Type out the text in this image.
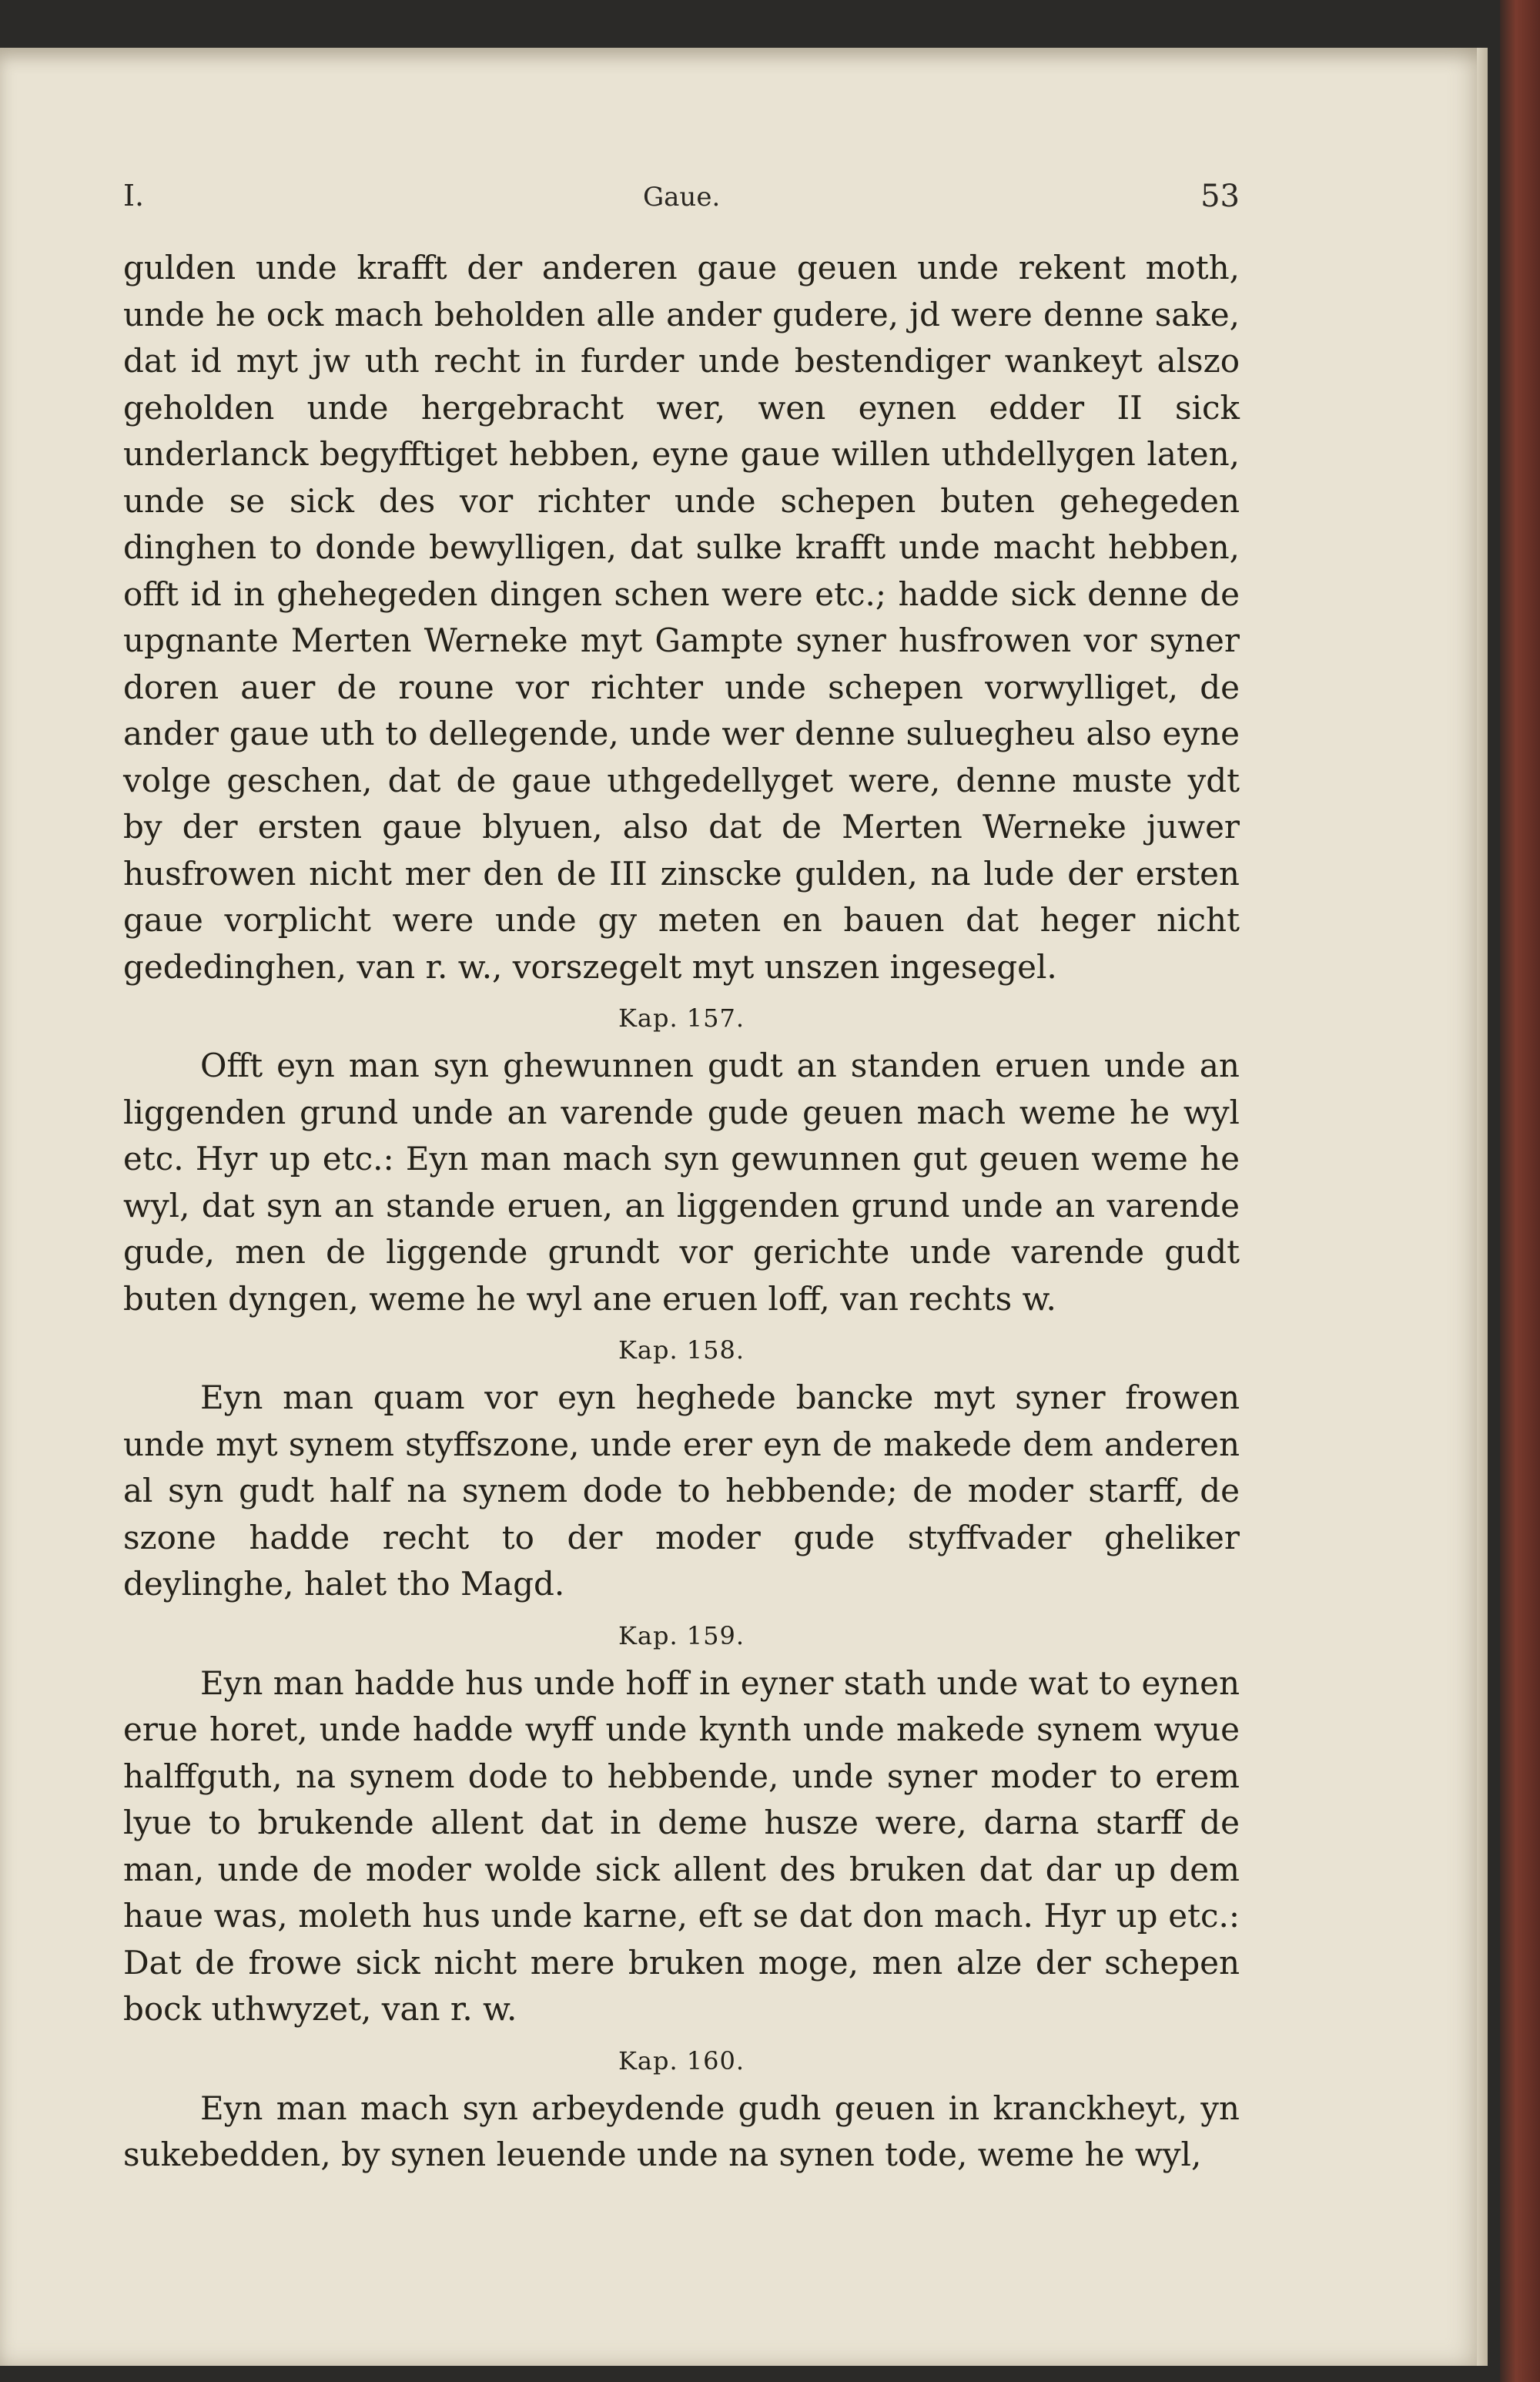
I.	Gaue.	53

gulden unde krafft der anderen gaue geuen unde rekent moth, unde he ock mach beholden alle ander gudere, jd were denne sake, dat id myt jw uth recht in furder unde bestendiger wankeyt alszo geholden unde hergebracht wer, wen eynen edder II sick underlanck begyfftiget hebben, eyne gaue willen uthdellygen laten, unde se sick des vor richter unde schepen buten gehegeden dinghen to donde bewylligen, dat sulke krafft unde macht hebben, offt id in ghehegeden dingen schen were etc.; hadde sick denne de upgnante Merten Werneke myt Gampte syner husfrowen vor syner doren auer de roune vor richter unde schepen vorwylliget, de ander gaue uth to dellegende, unde wer denne suluegheu also eyne volge geschen, dat de gaue uthgedellyget were, denne muste ydt by der ersten gaue blyuen, also dat de Merten Werneke juwer husfrowen nicht mer den de III zinscke gulden, na lude der ersten gaue vorplicht were unde gy meten en bauen dat heger nicht gededinghen, van r. w., vorszegelt myt unszen ingesegel.

Kap. 157.

Offt eyn man syn ghewunnen gudt an standen eruen unde an liggenden grund unde an varende gude geuen mach weme he wyl etc. Hyr up etc.: Eyn man mach syn gewunnen gut geuen weme he wyl, dat syn an stande eruen, an liggenden grund unde an varende gude, men de liggende grundt vor gerichte unde varende gudt buten dyngen, weme he wyl ane eruen loff, van rechts w.

Kap. 158.

Eyn man quam vor eyn heghede bancke myt syner frowen unde myt synem styffszone, unde erer eyn de makede dem anderen al syn gudt half na synem dode to hebbende; de moder starff, de szone hadde recht to der moder gude styffvader gheliker deylinghe, halet tho Magd.

Kap. 159.

Eyn man hadde hus unde hoff in eyner stath unde wat to eynen erue horet, unde hadde wyff unde kynth unde makede synem wyue halffguth, na synem dode to hebbende, unde syner moder to erem lyue to brukende allent dat in deme husze were, darna starff de man, unde de moder wolde sick allent des bruken dat dar up dem haue was, moleth hus unde karne, eft se dat don mach. Hyr up etc.: Dat de frowe sick nicht mere bruken moge, men alze der schepen bock uthwyzet, van r. w.

Kap. 160.

Eyn man mach syn arbeydende gudh geuen in kranckheyt, yn sukebedden, by synen leuende unde na synen tode, weme he wyl,
